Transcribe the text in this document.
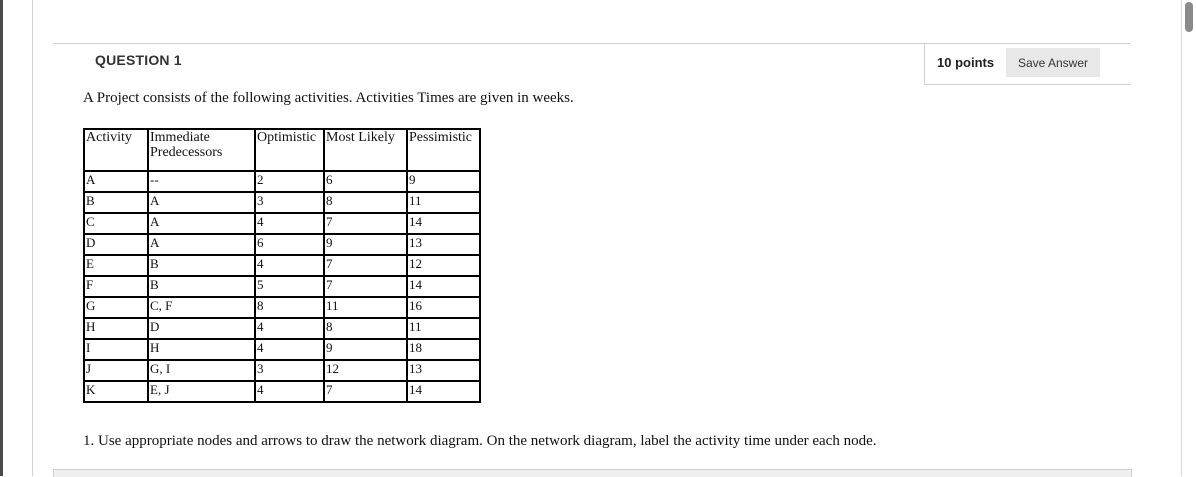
QUESTION 1	10 points	Save Answer
A Project consists of the following activities. Activities Times are given in weeks.
Activity	Immediate Predecessors	Optimistic	Most Likely	Pessimistic
A	--	2	6	9
B	A	3	8	11
C	A	4	7	14
D	A	6	9	13
E	B	4	7	12
F	B	5	7	14
G	C, F	8	11	16
H	D	4	8	11
I	H	4	9	18
J	G, I	3	12	13
K	E, J	4	7	14
1. Use appropriate nodes and arrows to draw the network diagram. On the network diagram, label the activity time under each node.
